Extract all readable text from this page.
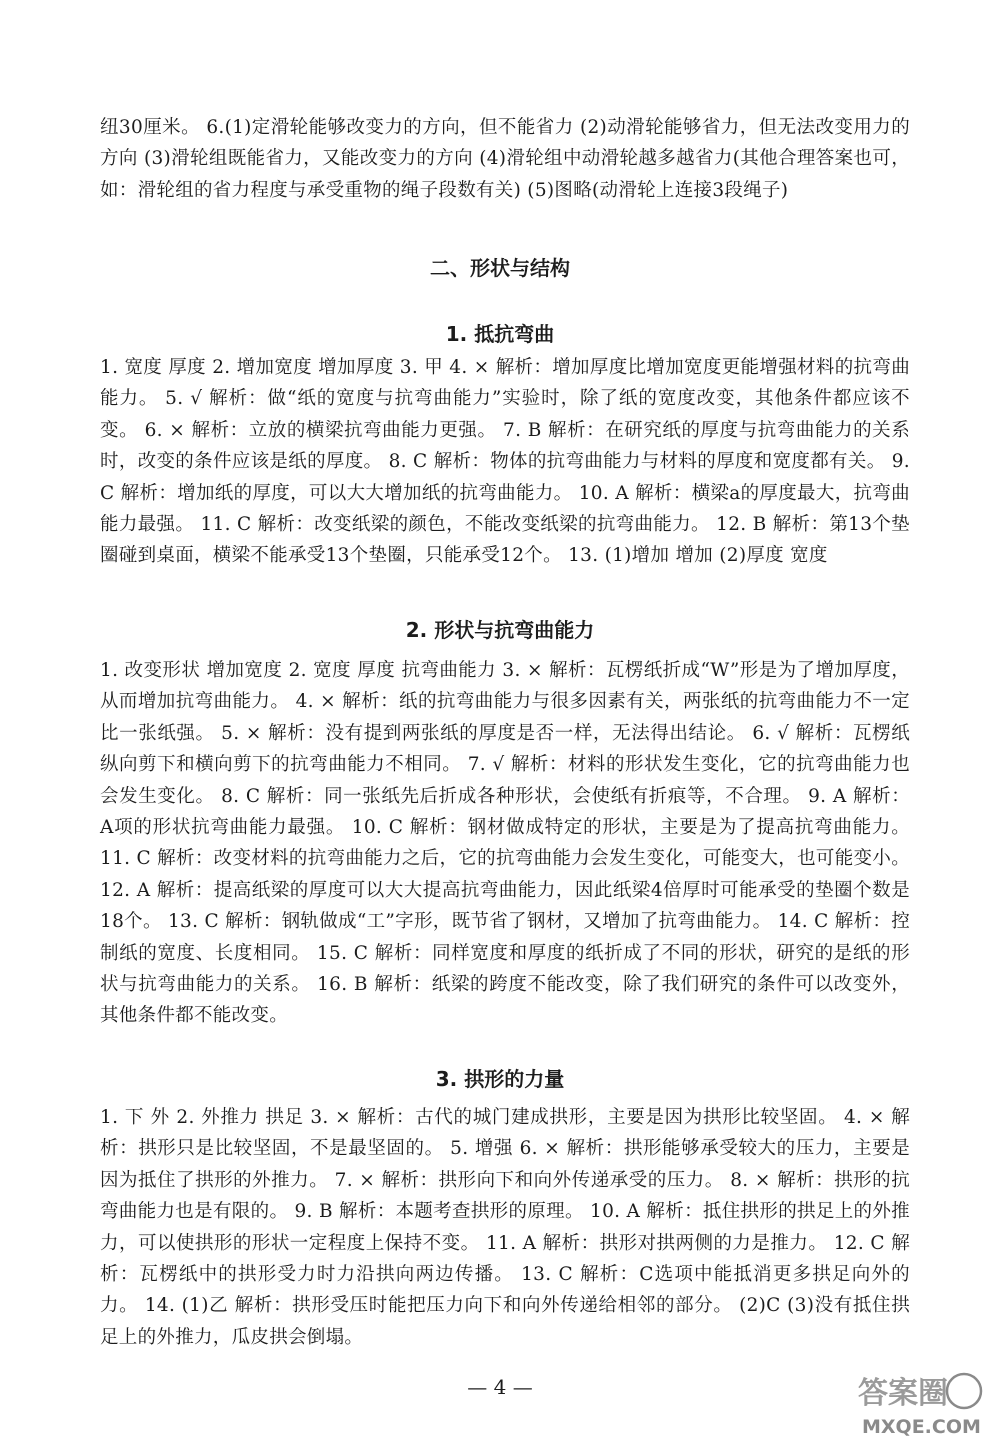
纽30厘米。 6.(1)定滑轮能够改变力的方向，但不能省力 (2)动滑轮能够省力，但无法改变用力的方向 (3)滑轮组既能省力，又能改变力的方向 (4)滑轮组中动滑轮越多越省力(其他合理答案也可，如：滑轮组的省力程度与承受重物的绳子段数有关) (5)图略(动滑轮上连接3段绳子)

二、形状与结构
1. 抵抗弯曲

1. 宽度 厚度 2. 增加宽度 增加厚度 3. 甲 4. × 解析：增加厚度比增加宽度更能增强材料的抗弯曲能力。 5. √ 解析：做“纸的宽度与抗弯曲能力”实验时，除了纸的宽度改变，其他条件都应该不变。 6. × 解析：立放的横梁抗弯曲能力更强。 7. B 解析：在研究纸的厚度与抗弯曲能力的关系时，改变的条件应该是纸的厚度。 8. C 解析：物体的抗弯曲能力与材料的厚度和宽度都有关。 9. C 解析：增加纸的厚度，可以大大增加纸的抗弯曲能力。 10. A 解析：横梁a的厚度最大，抗弯曲能力最强。 11. C 解析：改变纸梁的颜色，不能改变纸梁的抗弯曲能力。 12. B 解析：第13个垫圈碰到桌面，横梁不能承受13个垫圈，只能承受12个。 13. (1)增加 增加 (2)厚度 宽度

2. 形状与抗弯曲能力

1. 改变形状 增加宽度 2. 宽度 厚度 抗弯曲能力 3. × 解析：瓦楞纸折成“W”形是为了增加厚度，从而增加抗弯曲能力。 4. × 解析：纸的抗弯曲能力与很多因素有关，两张纸的抗弯曲能力不一定比一张纸强。 5. × 解析：没有提到两张纸的厚度是否一样，无法得出结论。 6. √ 解析：瓦楞纸纵向剪下和横向剪下的抗弯曲能力不相同。 7. √ 解析：材料的形状发生变化，它的抗弯曲能力也会发生变化。 8. C 解析：同一张纸先后折成各种形状，会使纸有折痕等，不合理。 9. A 解析：A项的形状抗弯曲能力最强。 10. C 解析：钢材做成特定的形状，主要是为了提高抗弯曲能力。 11. C 解析：改变材料的抗弯曲能力之后，它的抗弯曲能力会发生变化，可能变大，也可能变小。 12. A 解析：提高纸梁的厚度可以大大提高抗弯曲能力，因此纸梁4倍厚时可能承受的垫圈个数是18个。 13. C 解析：钢轨做成“工”字形，既节省了钢材，又增加了抗弯曲能力。 14. C 解析：控制纸的宽度、长度相同。 15. C 解析：同样宽度和厚度的纸折成了不同的形状，研究的是纸的形状与抗弯曲能力的关系。 16. B 解析：纸梁的跨度不能改变，除了我们研究的条件可以改变外，其他条件都不能改变。

3. 拱形的力量

1. 下 外 2. 外推力 拱足 3. × 解析：古代的城门建成拱形，主要是因为拱形比较坚固。 4. × 解析：拱形只是比较坚固，不是最坚固的。 5. 增强 6. × 解析：拱形能够承受较大的压力，主要是因为抵住了拱形的外推力。 7. × 解析：拱形向下和向外传递承受的压力。 8. × 解析：拱形的抗弯曲能力也是有限的。 9. B 解析：本题考查拱形的原理。 10. A 解析：抵住拱形的拱足上的外推力，可以使拱形的形状一定程度上保持不变。 11. A 解析：拱形对拱两侧的力是推力。 12. C 解析：瓦楞纸中的拱形受力时力沿拱向两边传播。 13. C 解析：C选项中能抵消更多拱足向外的力。 14. (1)乙 解析：拱形受压时能把压力向下和向外传递给相邻的部分。 (2)C (3)没有抵住拱足上的外推力，瓜皮拱会倒塌。

— 4 —	答案圈
MXQE.COM
